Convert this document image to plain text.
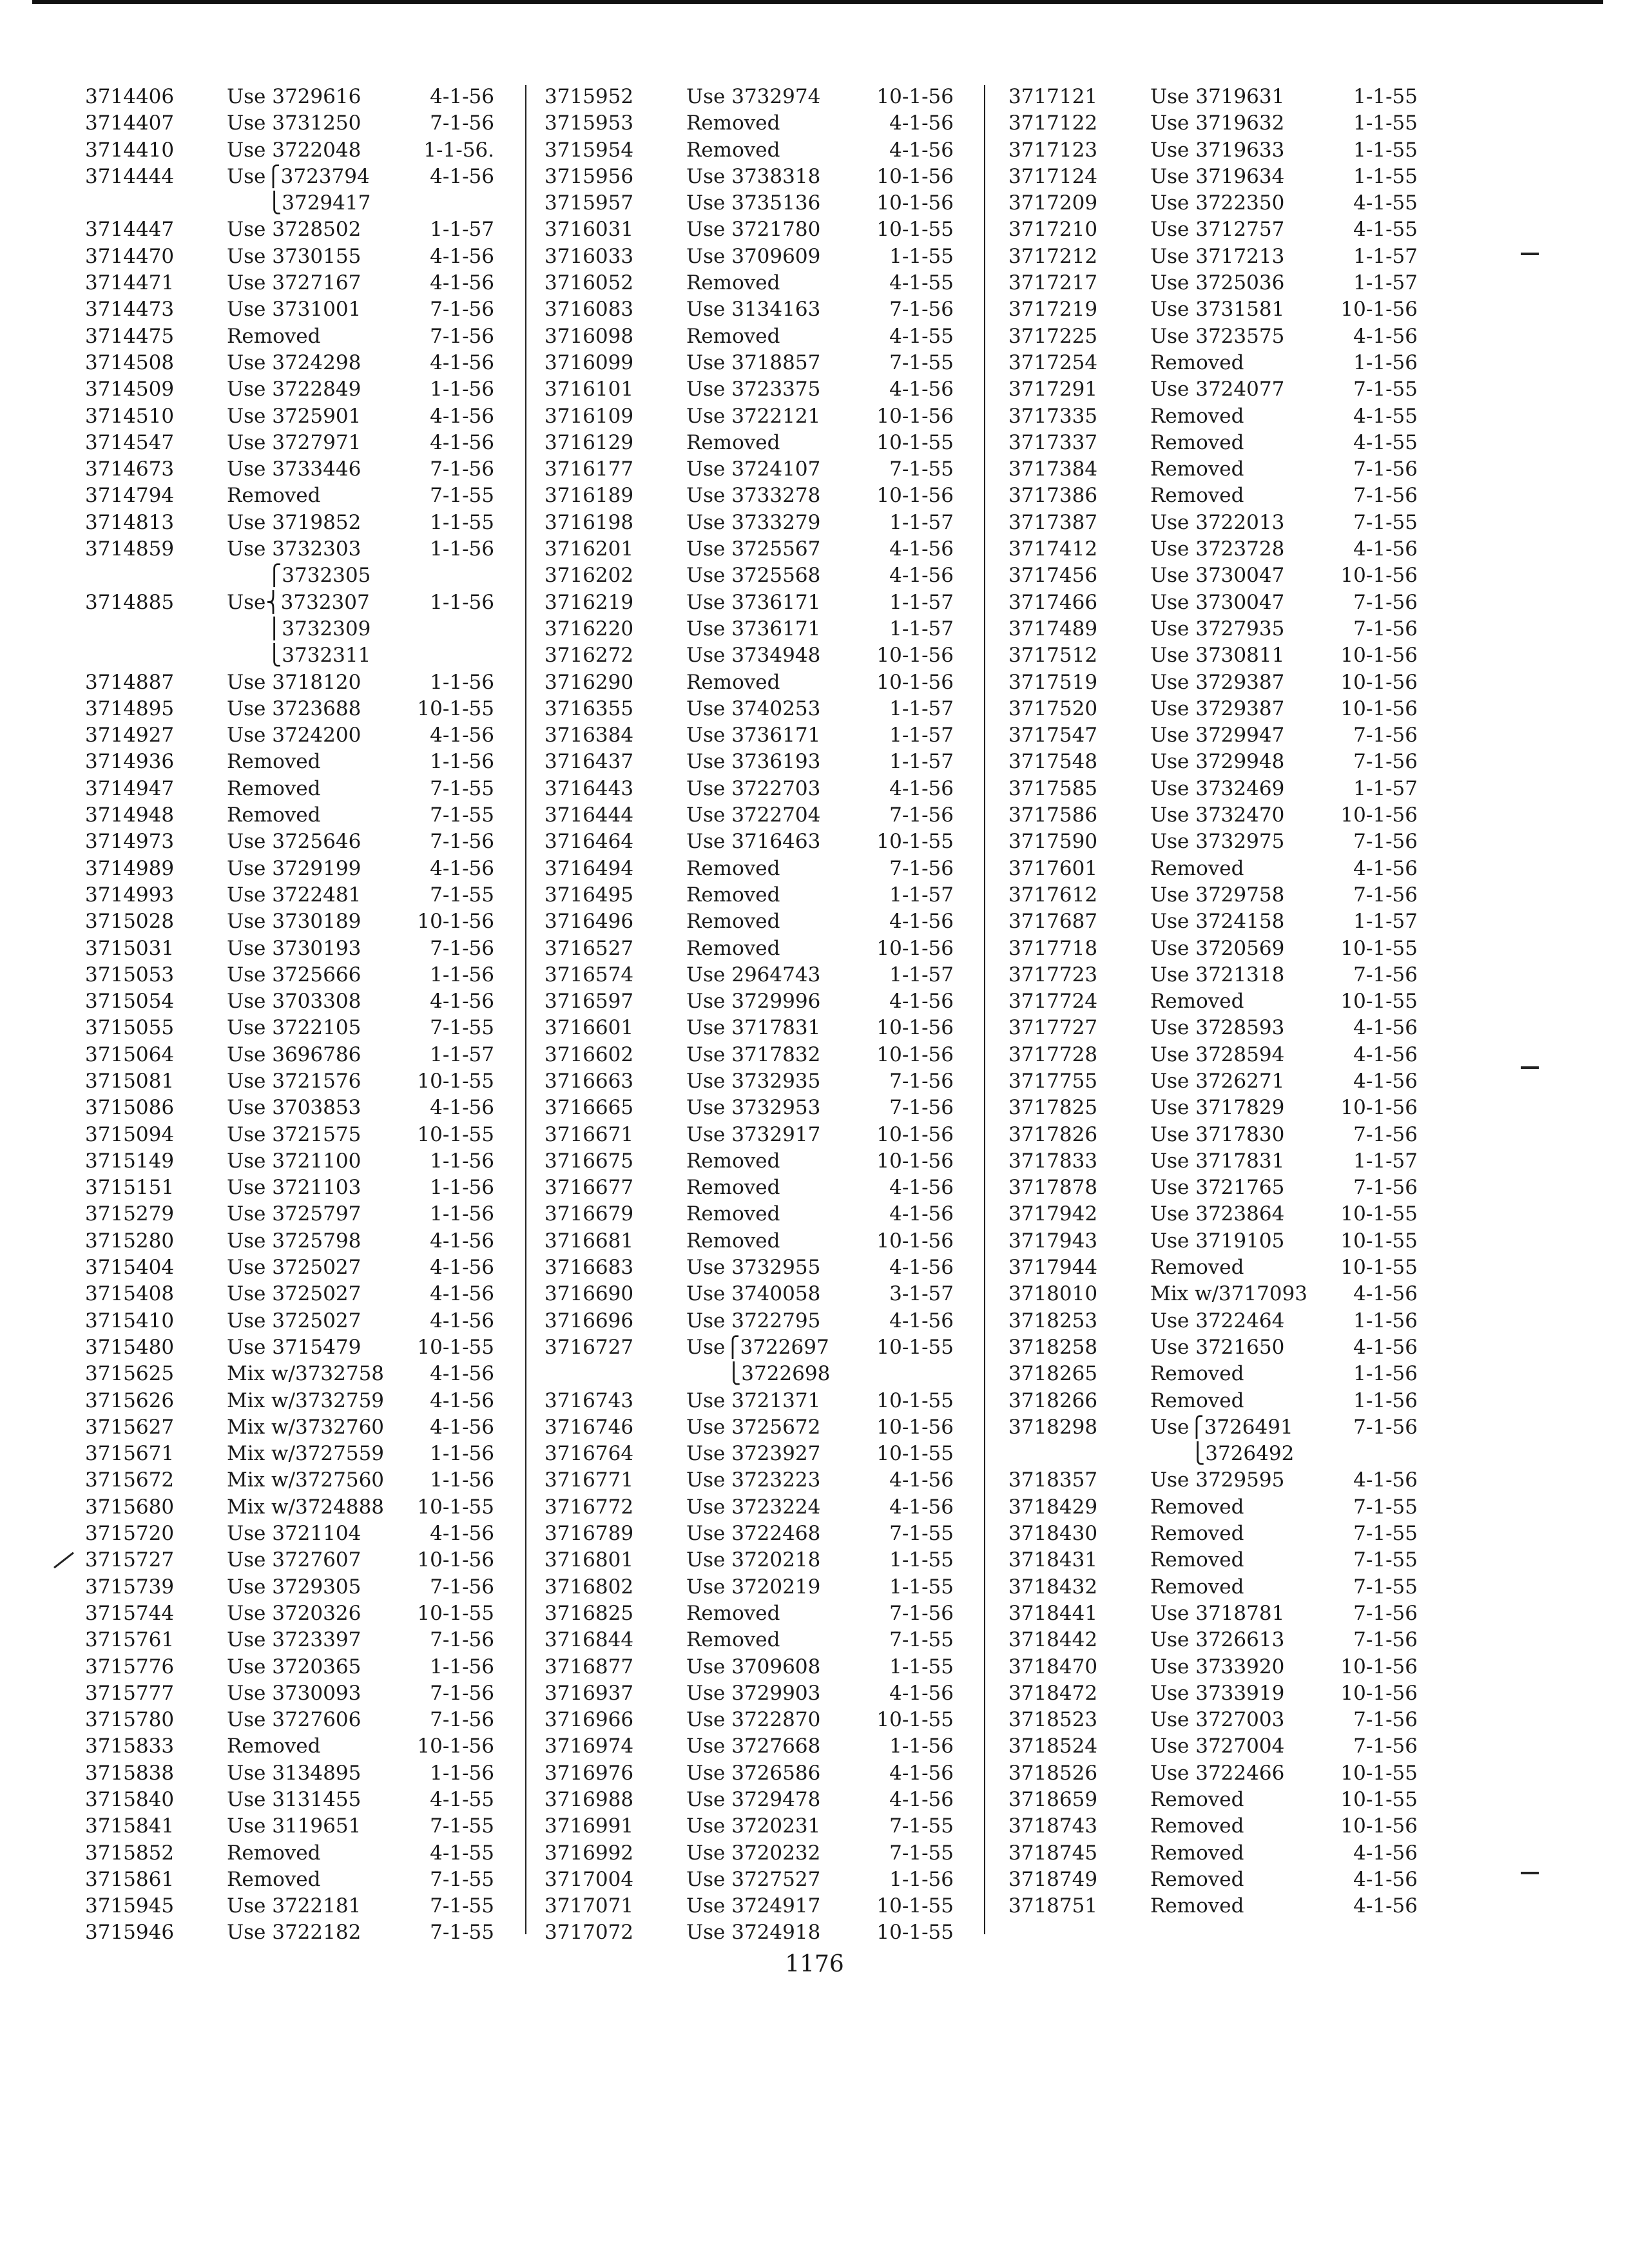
3714406	Use 3729616	4-1-56
3714407	Use 3731250	7-1-56
3714410	Use 3722048	1-1-56.
3714444	Use⎧3723794	4-1-56
  ⎩3729417
3714447	Use 3728502	1-1-57
3714470	Use 3730155	4-1-56
3714471	Use 3727167	4-1-56
3714473	Use 3731001	7-1-56
3714475	Removed	7-1-56
3714508	Use 3724298	4-1-56
3714509	Use 3722849	1-1-56
3714510	Use 3725901	4-1-56
3714547	Use 3727971	4-1-56
3714673	Use 3733446	7-1-56
3714794	Removed	7-1-55
3714813	Use 3719852	1-1-55
3714859	Use 3732303	1-1-56
  ⎧3732305
3714885	Use⎨3732307	1-1-56
  ⎪3732309
  ⎩3732311
3714887	Use 3718120	1-1-56
3714895	Use 3723688	10-1-55
3714927	Use 3724200	4-1-56
3714936	Removed	1-1-56
3714947	Removed	7-1-55
3714948	Removed	7-1-55
3714973	Use 3725646	7-1-56
3714989	Use 3729199	4-1-56
3714993	Use 3722481	7-1-55
3715028	Use 3730189	10-1-56
3715031	Use 3730193	7-1-56
3715053	Use 3725666	1-1-56
3715054	Use 3703308	4-1-56
3715055	Use 3722105	7-1-55
3715064	Use 3696786	1-1-57
3715081	Use 3721576	10-1-55
3715086	Use 3703853	4-1-56
3715094	Use 3721575	10-1-55
3715149	Use 3721100	1-1-56
3715151	Use 3721103	1-1-56
3715279	Use 3725797	1-1-56
3715280	Use 3725798	4-1-56
3715404	Use 3725027	4-1-56
3715408	Use 3725027	4-1-56
3715410	Use 3725027	4-1-56
3715480	Use 3715479	10-1-55
3715625	Mix w/3732758	4-1-56
3715626	Mix w/3732759	4-1-56
3715627	Mix w/3732760	4-1-56
3715671	Mix w/3727559	1-1-56
3715672	Mix w/3727560	1-1-56
3715680	Mix w/3724888	10-1-55
3715720	Use 3721104	4-1-56
3715727	Use 3727607	10-1-56
3715739	Use 3729305	7-1-56
3715744	Use 3720326	10-1-55
3715761	Use 3723397	7-1-56
3715776	Use 3720365	1-1-56
3715777	Use 3730093	7-1-56
3715780	Use 3727606	7-1-56
3715833	Removed	10-1-56
3715838	Use 3134895	1-1-56
3715840	Use 3131455	4-1-55
3715841	Use 3119651	7-1-55
3715852	Removed	4-1-55
3715861	Removed	7-1-55
3715945	Use 3722181	7-1-55
3715946	Use 3722182	7-1-55
3715952	Use 3732974	10-1-56
3715953	Removed	4-1-56
3715954	Removed	4-1-56
3715956	Use 3738318	10-1-56
3715957	Use 3735136	10-1-56
3716031	Use 3721780	10-1-55
3716033	Use 3709609	1-1-55
3716052	Removed	4-1-55
3716083	Use 3134163	7-1-56
3716098	Removed	4-1-55
3716099	Use 3718857	7-1-55
3716101	Use 3723375	4-1-56
3716109	Use 3722121	10-1-56
3716129	Removed	10-1-55
3716177	Use 3724107	7-1-55
3716189	Use 3733278	10-1-56
3716198	Use 3733279	1-1-57
3716201	Use 3725567	4-1-56
3716202	Use 3725568	4-1-56
3716219	Use 3736171	1-1-57
3716220	Use 3736171	1-1-57
3716272	Use 3734948	10-1-56
3716290	Removed	10-1-56
3716355	Use 3740253	1-1-57
3716384	Use 3736171	1-1-57
3716437	Use 3736193	1-1-57
3716443	Use 3722703	4-1-56
3716444	Use 3722704	7-1-56
3716464	Use 3716463	10-1-55
3716494	Removed	7-1-56
3716495	Removed	1-1-57
3716496	Removed	4-1-56
3716527	Removed	10-1-56
3716574	Use 2964743	1-1-57
3716597	Use 3729996	4-1-56
3716601	Use 3717831	10-1-56
3716602	Use 3717832	10-1-56
3716663	Use 3732935	7-1-56
3716665	Use 3732953	7-1-56
3716671	Use 3732917	10-1-56
3716675	Removed	10-1-56
3716677	Removed	4-1-56
3716679	Removed	4-1-56
3716681	Removed	10-1-56
3716683	Use 3732955	4-1-56
3716690	Use 3740058	3-1-57
3716696	Use 3722795	4-1-56
3716727	Use⎧3722697	10-1-55
  ⎩3722698
3716743	Use 3721371	10-1-55
3716746	Use 3725672	10-1-56
3716764	Use 3723927	10-1-55
3716771	Use 3723223	4-1-56
3716772	Use 3723224	4-1-56
3716789	Use 3722468	7-1-55
3716801	Use 3720218	1-1-55
3716802	Use 3720219	1-1-55
3716825	Removed	7-1-56
3716844	Removed	7-1-55
3716877	Use 3709608	1-1-55
3716937	Use 3729903	4-1-56
3716966	Use 3722870	10-1-55
3716974	Use 3727668	1-1-56
3716976	Use 3726586	4-1-56
3716988	Use 3729478	4-1-56
3716991	Use 3720231	7-1-55
3716992	Use 3720232	7-1-55
3717004	Use 3727527	1-1-56
3717071	Use 3724917	10-1-55
3717072	Use 3724918	10-1-55
3717121	Use 3719631	1-1-55
3717122	Use 3719632	1-1-55
3717123	Use 3719633	1-1-55
3717124	Use 3719634	1-1-55
3717209	Use 3722350	4-1-55
3717210	Use 3712757	4-1-55
3717212	Use 3717213	1-1-57
3717217	Use 3725036	1-1-57
3717219	Use 3731581	10-1-56
3717225	Use 3723575	4-1-56
3717254	Removed	1-1-56
3717291	Use 3724077	7-1-55
3717335	Removed	4-1-55
3717337	Removed	4-1-55
3717384	Removed	7-1-56
3717386	Removed	7-1-56
3717387	Use 3722013	7-1-55
3717412	Use 3723728	4-1-56
3717456	Use 3730047	10-1-56
3717466	Use 3730047	7-1-56
3717489	Use 3727935	7-1-56
3717512	Use 3730811	10-1-56
3717519	Use 3729387	10-1-56
3717520	Use 3729387	10-1-56
3717547	Use 3729947	7-1-56
3717548	Use 3729948	7-1-56
3717585	Use 3732469	1-1-57
3717586	Use 3732470	10-1-56
3717590	Use 3732975	7-1-56
3717601	Removed	4-1-56
3717612	Use 3729758	7-1-56
3717687	Use 3724158	1-1-57
3717718	Use 3720569	10-1-55
3717723	Use 3721318	7-1-56
3717724	Removed	10-1-55
3717727	Use 3728593	4-1-56
3717728	Use 3728594	4-1-56
3717755	Use 3726271	4-1-56
3717825	Use 3717829	10-1-56
3717826	Use 3717830	7-1-56
3717833	Use 3717831	1-1-57
3717878	Use 3721765	7-1-56
3717942	Use 3723864	10-1-55
3717943	Use 3719105	10-1-55
3717944	Removed	10-1-55
3718010	Mix w/3717093	4-1-56
3718253	Use 3722464	1-1-56
3718258	Use 3721650	4-1-56
3718265	Removed	1-1-56
3718266	Removed	1-1-56
3718298	Use⎧3726491	7-1-56
  ⎩3726492
3718357	Use 3729595	4-1-56
3718429	Removed	7-1-55
3718430	Removed	7-1-55
3718431	Removed	7-1-55
3718432	Removed	7-1-55
3718441	Use 3718781	7-1-56
3718442	Use 3726613	7-1-56
3718470	Use 3733920	10-1-56
3718472	Use 3733919	10-1-56
3718523	Use 3727003	7-1-56
3718524	Use 3727004	7-1-56
3718526	Use 3722466	10-1-55
3718659	Removed	10-1-55
3718743	Removed	10-1-56
3718745	Removed	4-1-56
3718749	Removed	4-1-56
3718751	Removed	4-1-56
1176
